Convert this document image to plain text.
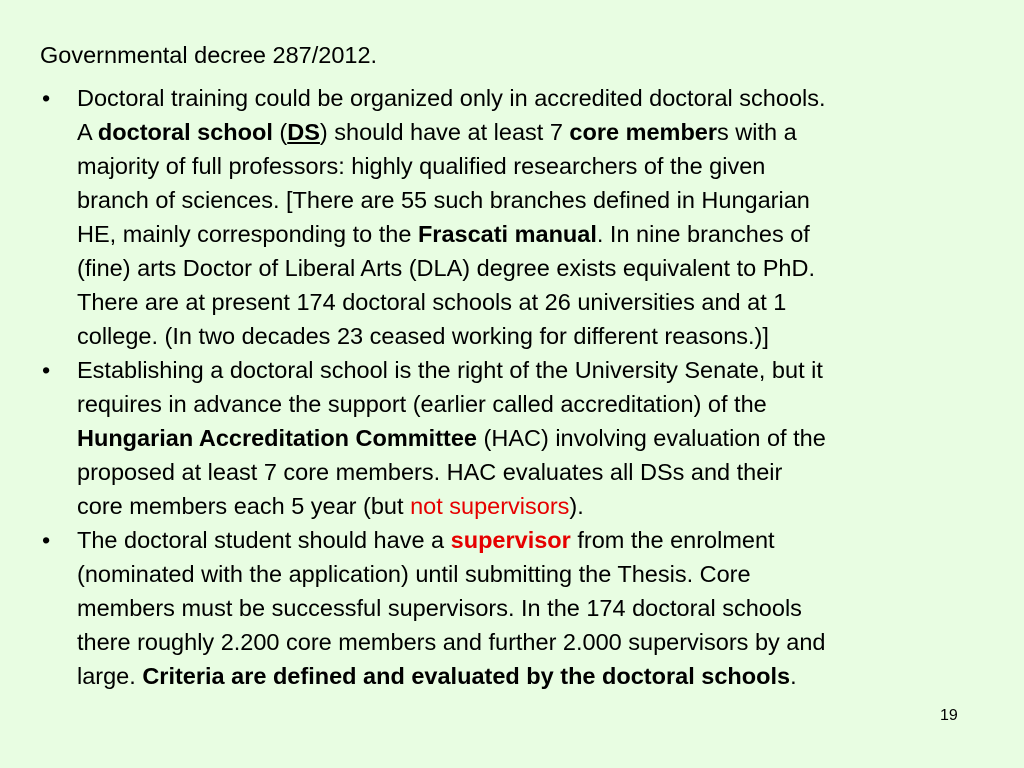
Governmental decree 287/2012.
• Doctoral training could be organized only in accredited doctoral schools.
A doctoral school (DS) should have at least 7 core members with a
majority of full professors: highly qualified researchers of the given
branch of sciences. [There are 55 such branches defined in Hungarian
HE, mainly corresponding to the Frascati manual. In nine branches of
(fine) arts Doctor of Liberal Arts (DLA) degree exists equivalent to PhD.
There are at present 174 doctoral schools at 26 universities and at 1
college. (In two decades 23 ceased working for different reasons.)]
• Establishing a doctoral school is the right of the University Senate, but it
requires in advance the support (earlier called accreditation) of the
Hungarian Accreditation Committee (HAC) involving evaluation of the
proposed at least 7 core members. HAC evaluates all DSs and their
core members each 5 year (but not supervisors).
• The doctoral student should have a supervisor from the enrolment
(nominated with the application) until submitting the Thesis. Core
members must be successful supervisors. In the 174 doctoral schools
there roughly 2.200 core members and further 2.000 supervisors by and
large. Criteria are defined and evaluated by the doctoral schools.
19
